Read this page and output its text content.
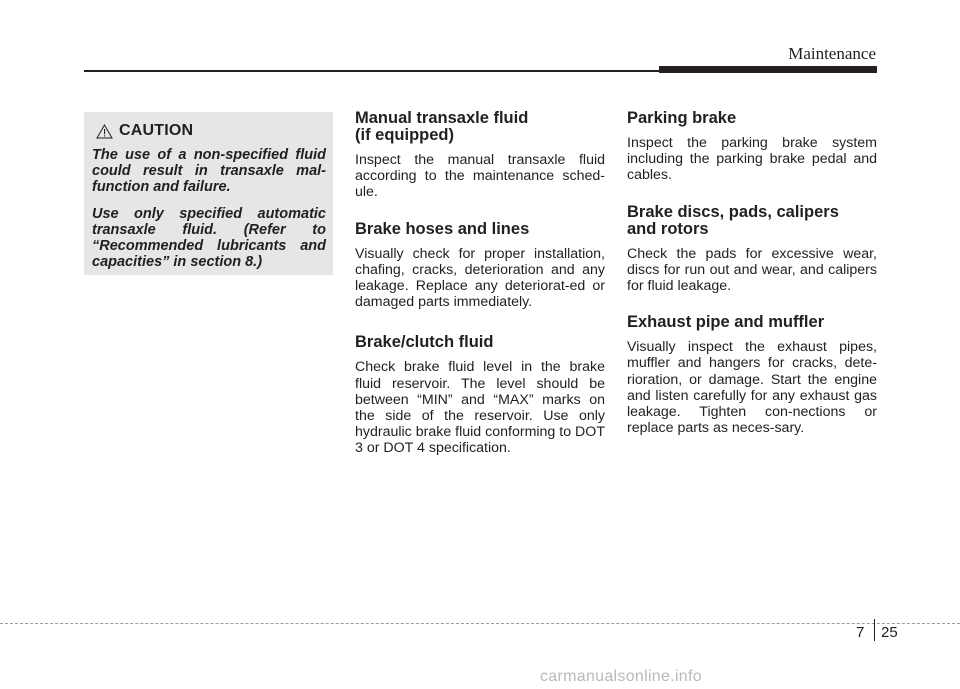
Maintenance
CAUTION

The use of a non-specified fluid could result in transaxle mal-function and failure.

Use only specified automatic transaxle fluid. (Refer to “Recommended lubricants and capacities” in section 8.)

Manual transaxle fluid (if equipped)

Inspect the manual transaxle fluid according to the maintenance sched-ule.

Brake hoses and lines

Visually check for proper installation, chafing, cracks, deterioration and any leakage. Replace any deteriorat-ed or damaged parts immediately.

Brake/clutch fluid

Check brake fluid level in the brake fluid reservoir. The level should be between “MIN” and “MAX” marks on the side of the reservoir. Use only hydraulic brake fluid conforming to DOT 3 or DOT 4 specification.

Parking brake

Inspect the parking brake system including the parking brake pedal and cables.

Brake discs, pads, calipers and rotors

Check the pads for excessive wear, discs for run out and wear, and calipers for fluid leakage.

Exhaust pipe and muffler

Visually inspect the exhaust pipes, muffler and hangers for cracks, dete-rioration, or damage. Start the engine and listen carefully for any exhaust gas leakage. Tighten con-nections or replace parts as neces-sary.

7 25
carmanualsonline.info
